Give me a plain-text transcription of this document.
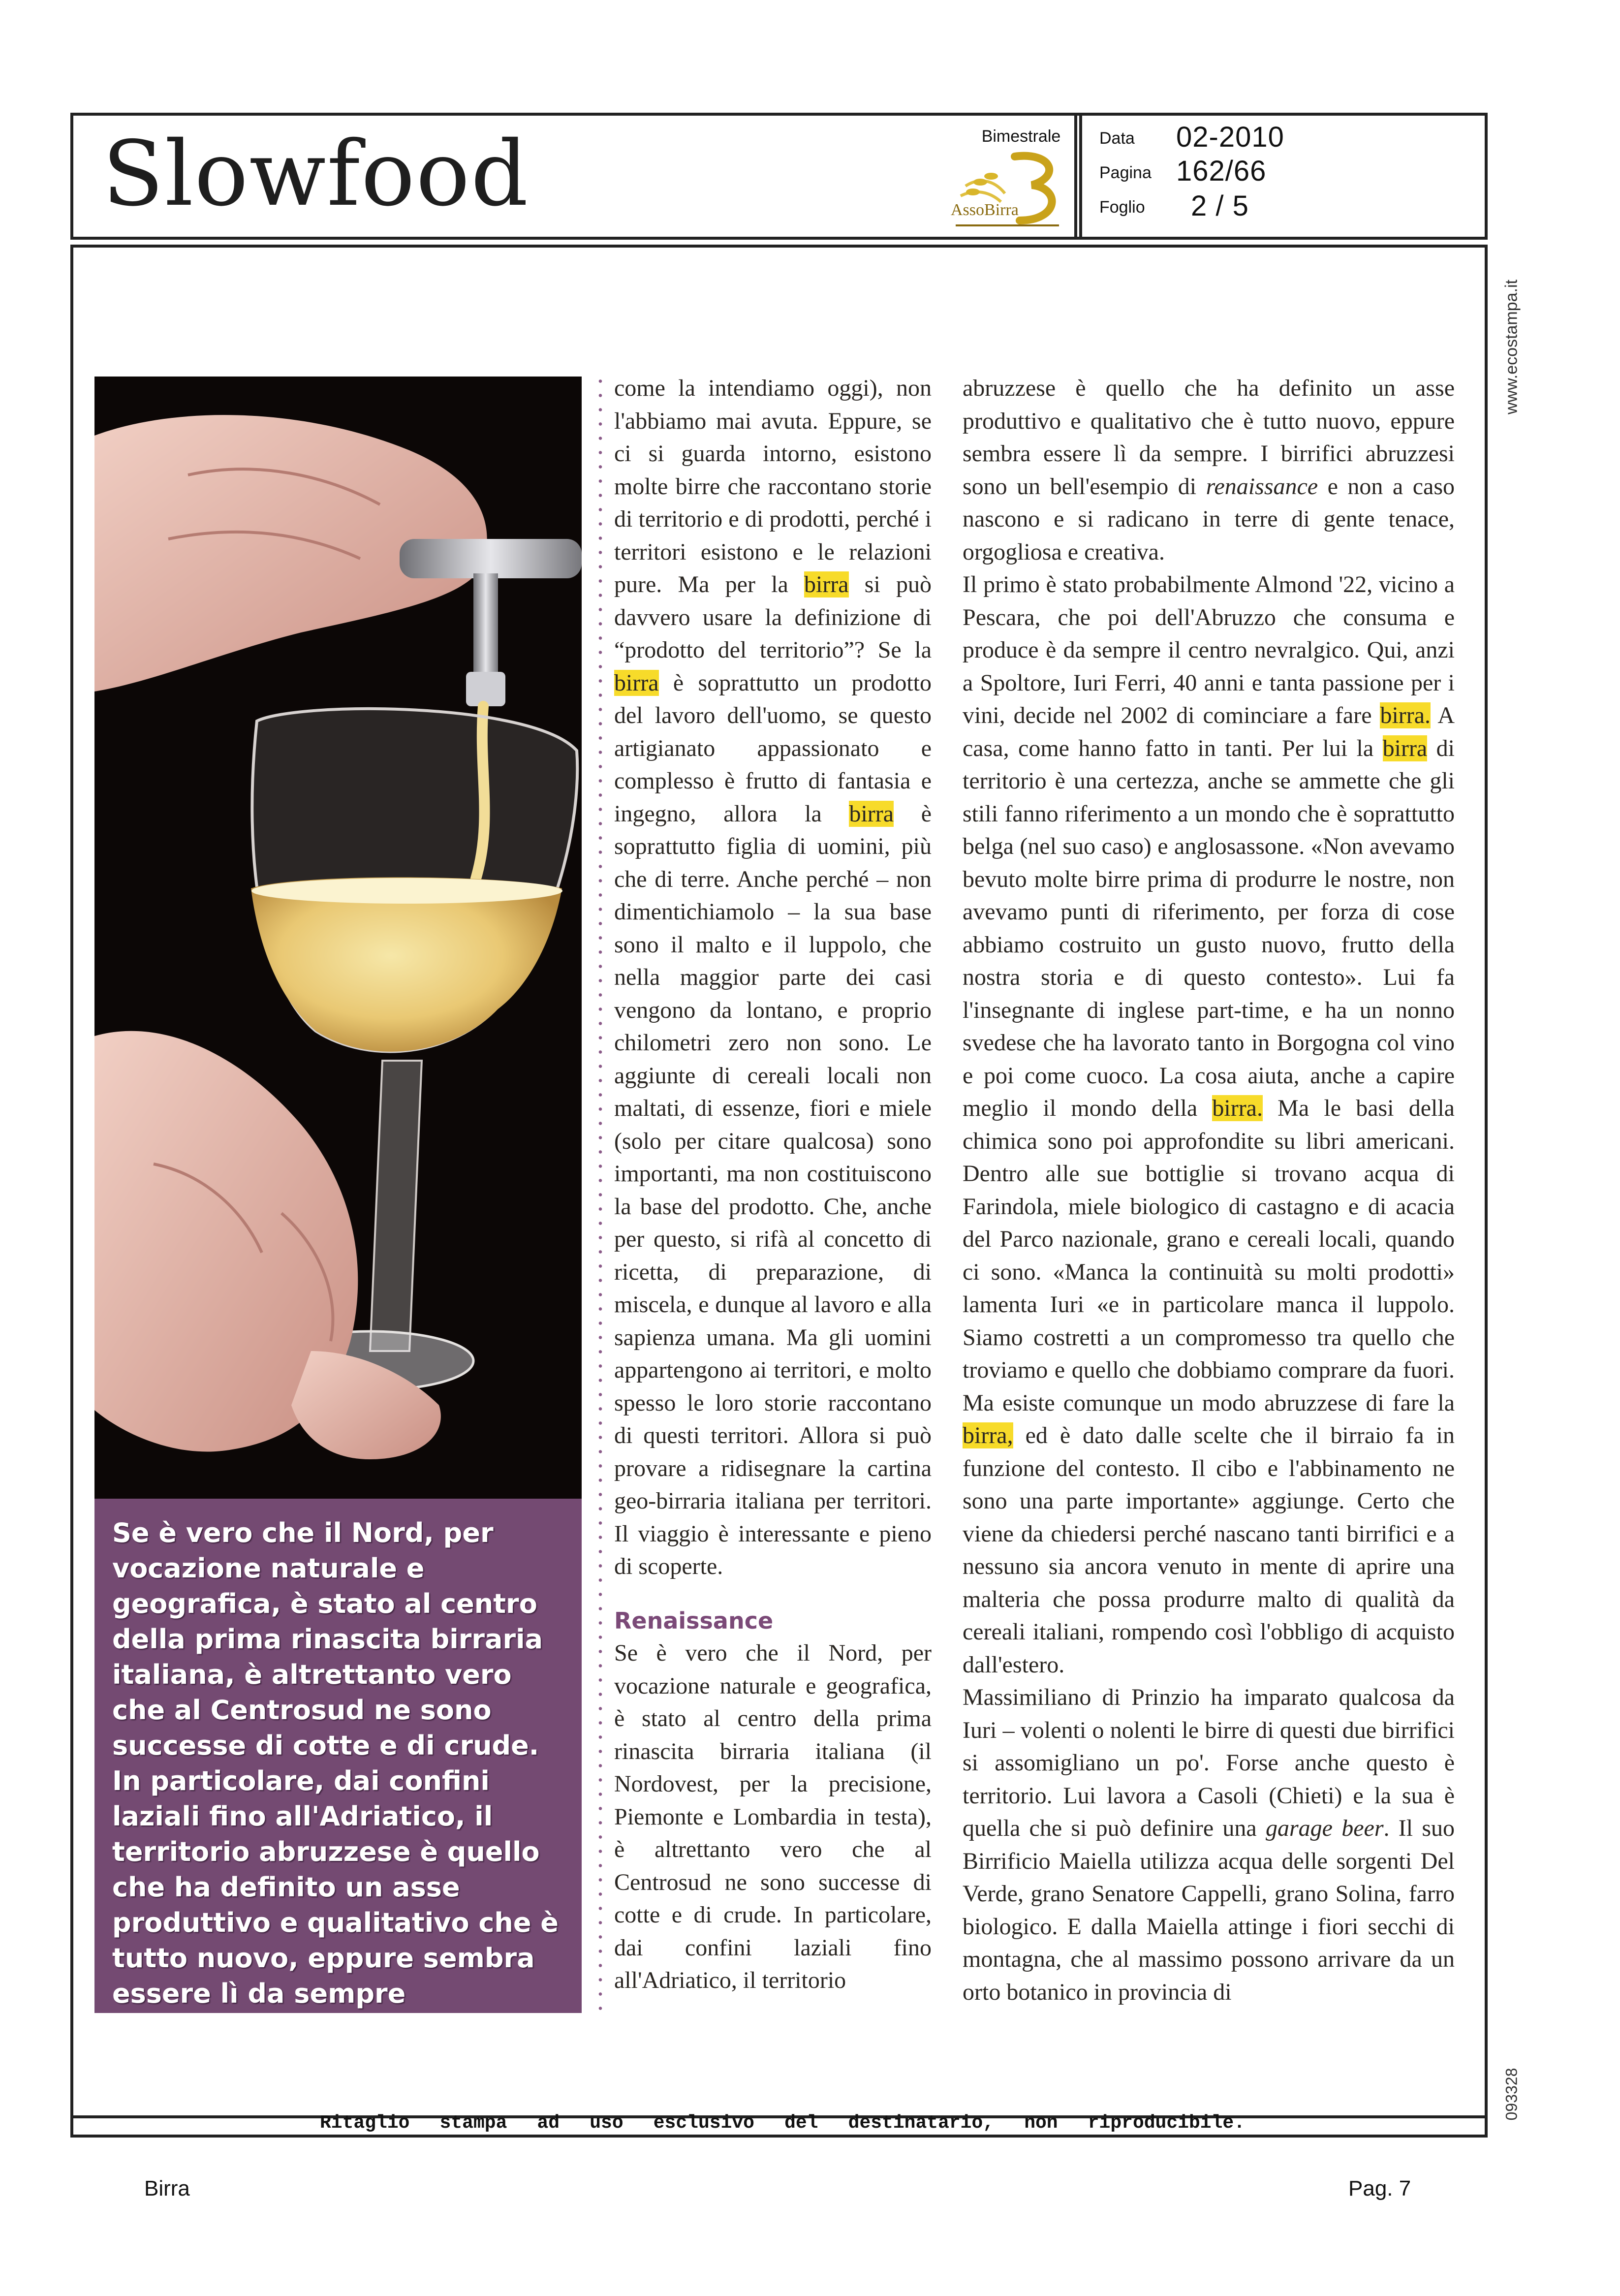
Slowfood	Bimestrale
AssoBirra
Data 02-2010
Pagina 162/66
Foglio 2 / 5
www.ecostampa.it
093328

Se è vero che il Nord, per vocazione naturale e geografica, è stato al centro della prima rinascita birraria italiana, è altrettanto vero che al Centrosud ne sono successe di cotte e di crude. In particolare, dai confini laziali fino all'Adriatico, il territorio abruzzese è quello che ha definito un asse produttivo e qualitativo che è tutto nuovo, eppure sembra essere lì da sempre

come la intendiamo oggi), non l'abbiamo mai avuta. Eppure, se ci si guarda intorno, esistono molte birre che raccontano storie di territorio e di prodotti, perché i territori esistono e le relazioni pure. Ma per la birra si può davvero usare la definizione di “prodotto del territorio”? Se la birra è soprattutto un prodotto del lavoro dell'uomo, se questo artigianato appassionato e complesso è frutto di fantasia e ingegno, allora la birra è soprattutto figlia di uomini, più che di terre. Anche perché – non dimentichiamolo – la sua base sono il malto e il luppolo, che nella maggior parte dei casi vengono da lontano, e proprio chilometri zero non sono. Le aggiunte di cereali locali non maltati, di essenze, fiori e miele (solo per citare qualcosa) sono importanti, ma non costituiscono la base del prodotto. Che, anche per questo, si rifà al concetto di ricetta, di preparazione, di miscela, e dunque al lavoro e alla sapienza umana. Ma gli uomini appartengono ai territori, e molto spesso le loro storie raccontano di questi territori. Allora si può provare a ridisegnare la cartina geo-birraria italiana per territori. Il viaggio è interessante e pieno di scoperte.

Renaissance

Se è vero che il Nord, per vocazione naturale e geografica, è stato al centro della prima rinascita birraria italiana (il Nordovest, per la precisione, Piemonte e Lombardia in testa), è altrettanto vero che al Centrosud ne sono successe di cotte e di crude. In particolare, dai confini laziali fino all'Adriatico, il territorio

abruzzese è quello che ha definito un asse produttivo e qualitativo che è tutto nuovo, eppure sembra essere lì da sempre. I birrifici abruzzesi sono un bell'esempio di renaissance e non a caso nascono e si radicano in terre di gente tenace, orgogliosa e creativa.

Il primo è stato probabilmente Almond '22, vicino a Pescara, che poi dell'Abruzzo che consuma e produce è da sempre il centro nevralgico. Qui, anzi a Spoltore, Iuri Ferri, 40 anni e tanta passione per i vini, decide nel 2002 di cominciare a fare birra. A casa, come hanno fatto in tanti. Per lui la birra di territorio è una certezza, anche se ammette che gli stili fanno riferimento a un mondo che è soprattutto belga (nel suo caso) e anglosassone. «Non avevamo bevuto molte birre prima di produrre le nostre, non avevamo punti di riferimento, per forza di cose abbiamo costruito un gusto nuovo, frutto della nostra storia e di questo contesto». Lui fa l'insegnante di inglese part-time, e ha un nonno svedese che ha lavorato tanto in Borgogna col vino e poi come cuoco. La cosa aiuta, anche a capire meglio il mondo della birra. Ma le basi della chimica sono poi approfondite su libri americani. Dentro alle sue bottiglie si trovano acqua di Farindola, miele biologico di castagno e di acacia del Parco nazionale, grano e cereali locali, quando ci sono. «Manca la continuità su molti prodotti» lamenta Iuri «e in particolare manca il luppolo. Siamo costretti a un compromesso tra quello che troviamo e quello che dobbiamo comprare da fuori. Ma esiste comunque un modo abruzzese di fare la birra, ed è dato dalle scelte che il birraio fa in funzione del contesto. Il cibo e l'abbinamento ne sono una parte importante» aggiunge. Certo che viene da chiedersi perché nascano tanti birrifici e a nessuno sia ancora venuto in mente di aprire una malteria che possa produrre malto di qualità da cereali italiani, rompendo così l'obbligo di acquisto dall'estero.

Massimiliano di Prinzio ha imparato qualcosa da Iuri – volenti o nolenti le birre di questi due birrifici si assomigliano un po'. Forse anche questo è territorio. Lui lavora a Casoli (Chieti) e la sua è quella che si può definire una garage beer. Il suo Birrificio Maiella utilizza acqua delle sorgenti Del Verde, grano Senatore Cappelli, grano Solina, farro biologico. E dalla Maiella attinge i fiori secchi di montagna, che al massimo possono arrivare da un orto botanico in provincia di

Ritaglio stampa ad uso esclusivo del destinatario, non riproducibile.
Birra	Pag. 7
